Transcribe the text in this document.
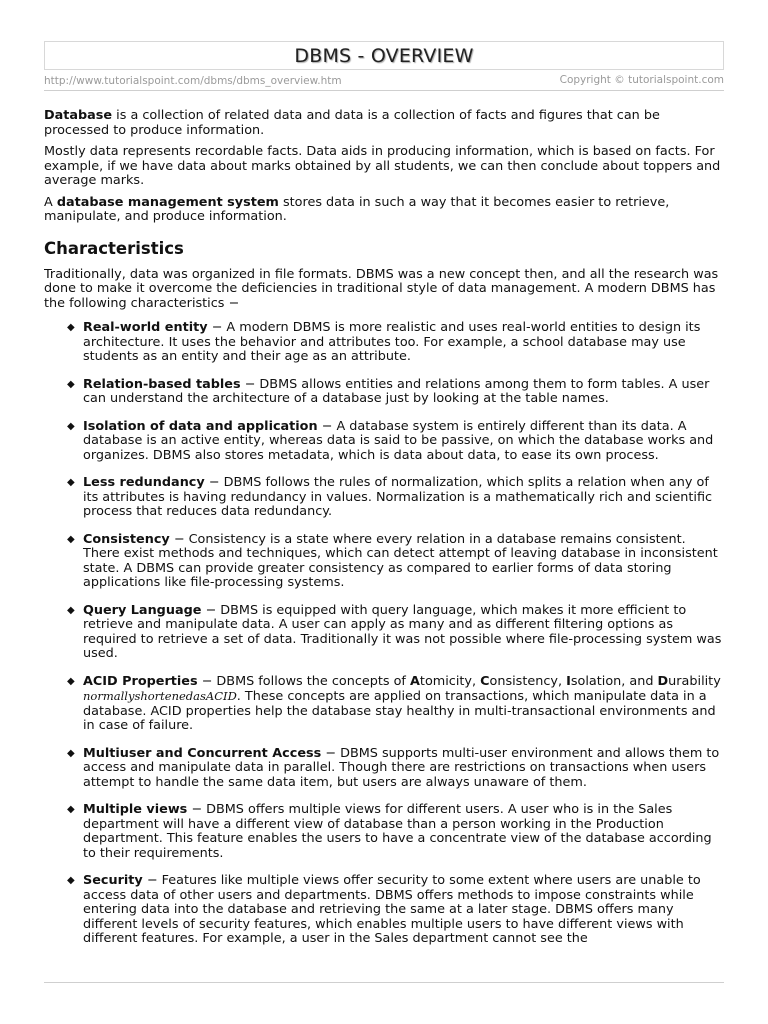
DBMS - OVERVIEW
http://www.tutorialspoint.com/dbms/dbms_overview.htm	Copyright © tutorialspoint.com

Database is a collection of related data and data is a collection of facts and figures that can be processed to produce information.

Mostly data represents recordable facts. Data aids in producing information, which is based on facts. For example, if we have data about marks obtained by all students, we can then conclude about toppers and average marks.

A database management system stores data in such a way that it becomes easier to retrieve, manipulate, and produce information.

Characteristics

Traditionally, data was organized in file formats. DBMS was a new concept then, and all the research was done to make it overcome the deficiencies in traditional style of data management. A modern DBMS has the following characteristics −

◆ Real-world entity − A modern DBMS is more realistic and uses real-world entities to design its architecture. It uses the behavior and attributes too. For example, a school database may use students as an entity and their age as an attribute.
◆ Relation-based tables − DBMS allows entities and relations among them to form tables. A user can understand the architecture of a database just by looking at the table names.
◆ Isolation of data and application − A database system is entirely different than its data. A database is an active entity, whereas data is said to be passive, on which the database works and organizes. DBMS also stores metadata, which is data about data, to ease its own process.
◆ Less redundancy − DBMS follows the rules of normalization, which splits a relation when any of its attributes is having redundancy in values. Normalization is a mathematically rich and scientific process that reduces data redundancy.
◆ Consistency − Consistency is a state where every relation in a database remains consistent. There exist methods and techniques, which can detect attempt of leaving database in inconsistent state. A DBMS can provide greater consistency as compared to earlier forms of data storing applications like file-processing systems.
◆ Query Language − DBMS is equipped with query language, which makes it more efficient to retrieve and manipulate data. A user can apply as many and as different filtering options as required to retrieve a set of data. Traditionally it was not possible where file-processing system was used.
◆ ACID Properties − DBMS follows the concepts of Atomicity, Consistency, Isolation, and Durability normallyshortenedasACID. These concepts are applied on transactions, which manipulate data in a database. ACID properties help the database stay healthy in multi-transactional environments and in case of failure.
◆ Multiuser and Concurrent Access − DBMS supports multi-user environment and allows them to access and manipulate data in parallel. Though there are restrictions on transactions when users attempt to handle the same data item, but users are always unaware of them.
◆ Multiple views − DBMS offers multiple views for different users. A user who is in the Sales department will have a different view of database than a person working in the Production department. This feature enables the users to have a concentrate view of the database according to their requirements.
◆ Security − Features like multiple views offer security to some extent where users are unable to access data of other users and departments. DBMS offers methods to impose constraints while entering data into the database and retrieving the same at a later stage. DBMS offers many different levels of security features, which enables multiple users to have different views with different features. For example, a user in the Sales department cannot see the
